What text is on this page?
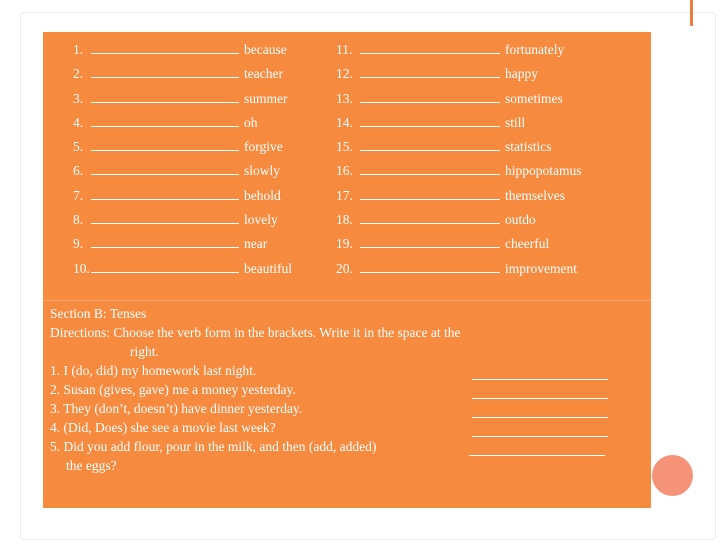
1.	because
2.	teacher
3.	summer
4.	oh
5.	forgive
6.	slowly
7.	behold
8.	lovely
9.	near
10.	beautiful
11.	fortunately
12.	happy
13.	sometimes
14.	still
15.	statistics
16.	hippopotamus
17.	themselves
18.	outdo
19.	cheerful
20.	improvement
Section B: Tenses
Directions: Choose the verb form in the brackets. Write it in the space at the
right.
1. I (do, did) my homework last night.
2. Susan (gives, gave) me a money yesterday.
3. They (don’t, doesn’t) have dinner yesterday.
4. (Did, Does) she see a movie last week?
5. Did you add flour, pour in the milk, and then (add, added)
the eggs?
